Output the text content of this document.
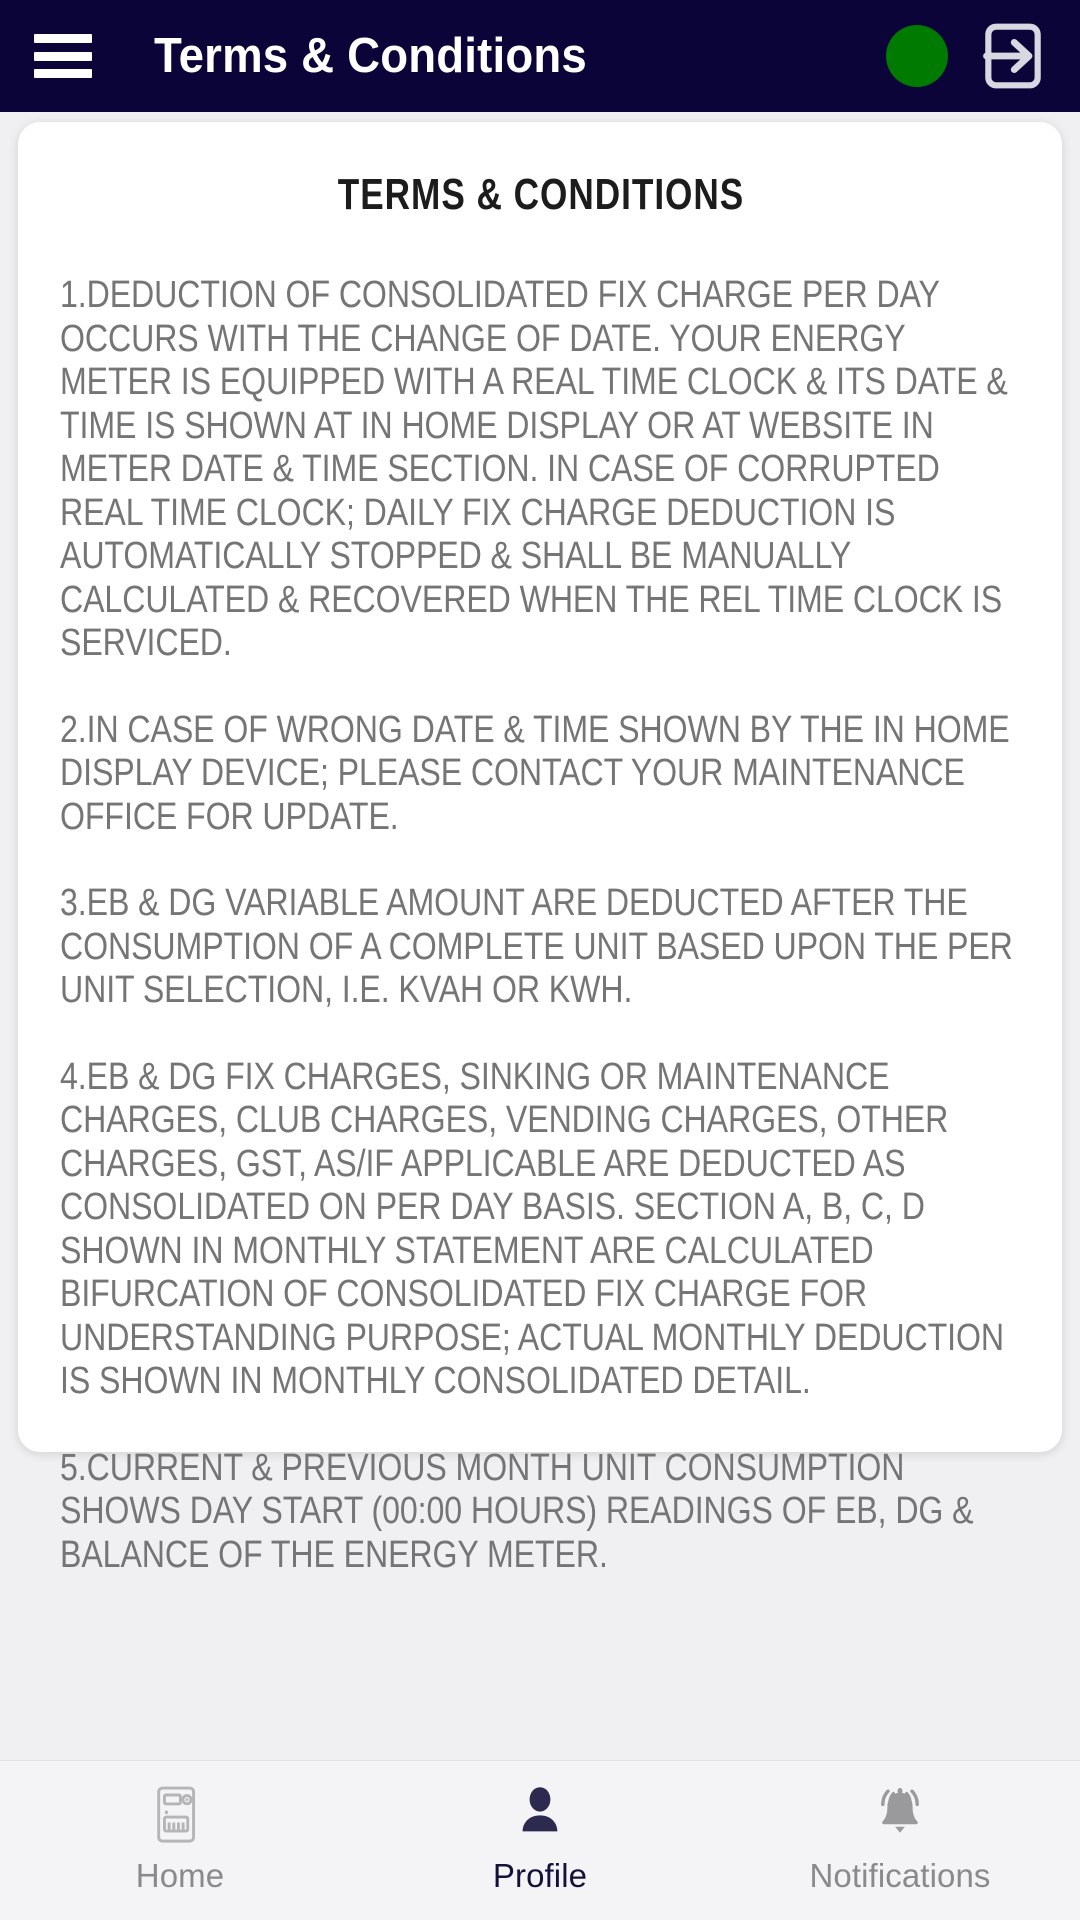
Terms & Conditions
TERMS & CONDITIONS

1.DEDUCTION OF CONSOLIDATED FIX CHARGE PER DAY OCCURS WITH THE CHANGE OF DATE. YOUR ENERGY METER IS EQUIPPED WITH A REAL TIME CLOCK & ITS DATE & TIME IS SHOWN AT IN HOME DISPLAY OR AT WEBSITE IN METER DATE & TIME SECTION. IN CASE OF CORRUPTED REAL TIME CLOCK; DAILY FIX CHARGE DEDUCTION IS AUTOMATICALLY STOPPED & SHALL BE MANUALLY CALCULATED & RECOVERED WHEN THE REL TIME CLOCK IS SERVICED.

2.IN CASE OF WRONG DATE & TIME SHOWN BY THE IN HOME DISPLAY DEVICE; PLEASE CONTACT YOUR MAINTENANCE OFFICE FOR UPDATE.

3.EB & DG VARIABLE AMOUNT ARE DEDUCTED AFTER THE CONSUMPTION OF A COMPLETE UNIT BASED UPON THE PER UNIT SELECTION, I.E. KVAH OR KWH.

4.EB & DG FIX CHARGES, SINKING OR MAINTENANCE CHARGES, CLUB CHARGES, VENDING CHARGES, OTHER CHARGES, GST, AS/IF APPLICABLE ARE DEDUCTED AS CONSOLIDATED ON PER DAY BASIS. SECTION A, B, C, D SHOWN IN MONTHLY STATEMENT ARE CALCULATED BIFURCATION OF CONSOLIDATED FIX CHARGE FOR UNDERSTANDING PURPOSE; ACTUAL MONTHLY DEDUCTION IS SHOWN IN MONTHLY CONSOLIDATED DETAIL.

5.CURRENT & PREVIOUS MONTH UNIT CONSUMPTION SHOWS DAY START (00:00 HOURS) READINGS OF EB, DG & BALANCE OF THE ENERGY METER.

Home	Profile	Notifications
